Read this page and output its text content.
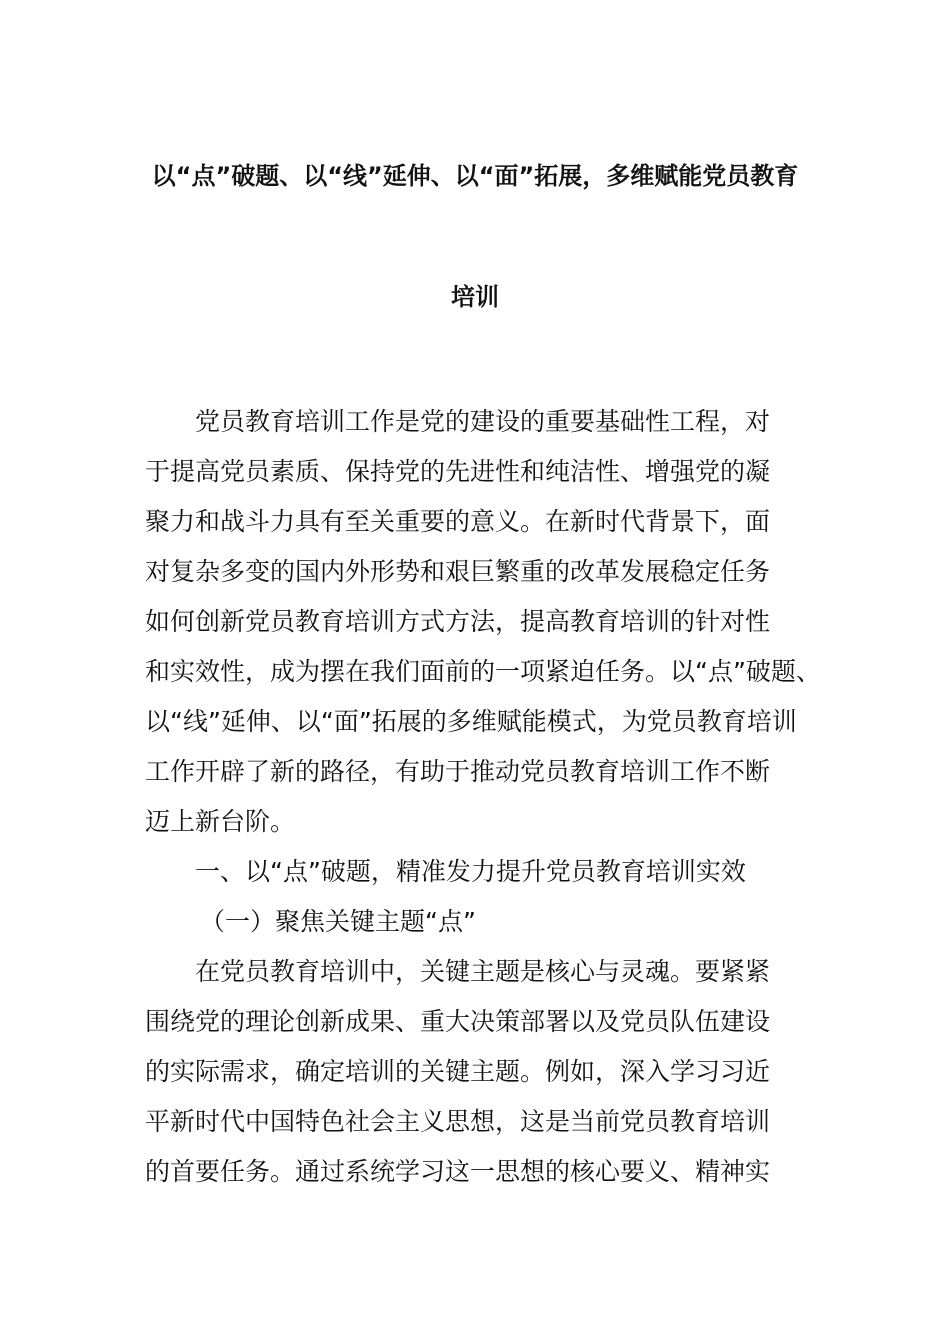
以“点”破题、以“线”延伸、以“面”拓展，多维赋能党员教育
培训

党员教育培训工作是党的建设的重要基础性工程，对
于提高党员素质、保持党的先进性和纯洁性、增强党的凝
聚力和战斗力具有至关重要的意义。在新时代背景下，面
对复杂多变的国内外形势和艰巨繁重的改革发展稳定任务
如何创新党员教育培训方式方法，提高教育培训的针对性
和实效性，成为摆在我们面前的一项紧迫任务。以“点”破题、
以“线”延伸、以“面”拓展的多维赋能模式，为党员教育培训
工作开辟了新的路径，有助于推动党员教育培训工作不断
迈上新台阶。

一、以“点”破题，精准发力提升党员教育培训实效

（一）聚焦关键主题“点”

在党员教育培训中，关键主题是核心与灵魂。要紧紧
围绕党的理论创新成果、重大决策部署以及党员队伍建设
的实际需求，确定培训的关键主题。例如，深入学习习近
平新时代中国特色社会主义思想，这是当前党员教育培训
的首要任务。通过系统学习这一思想的核心要义、精神实
